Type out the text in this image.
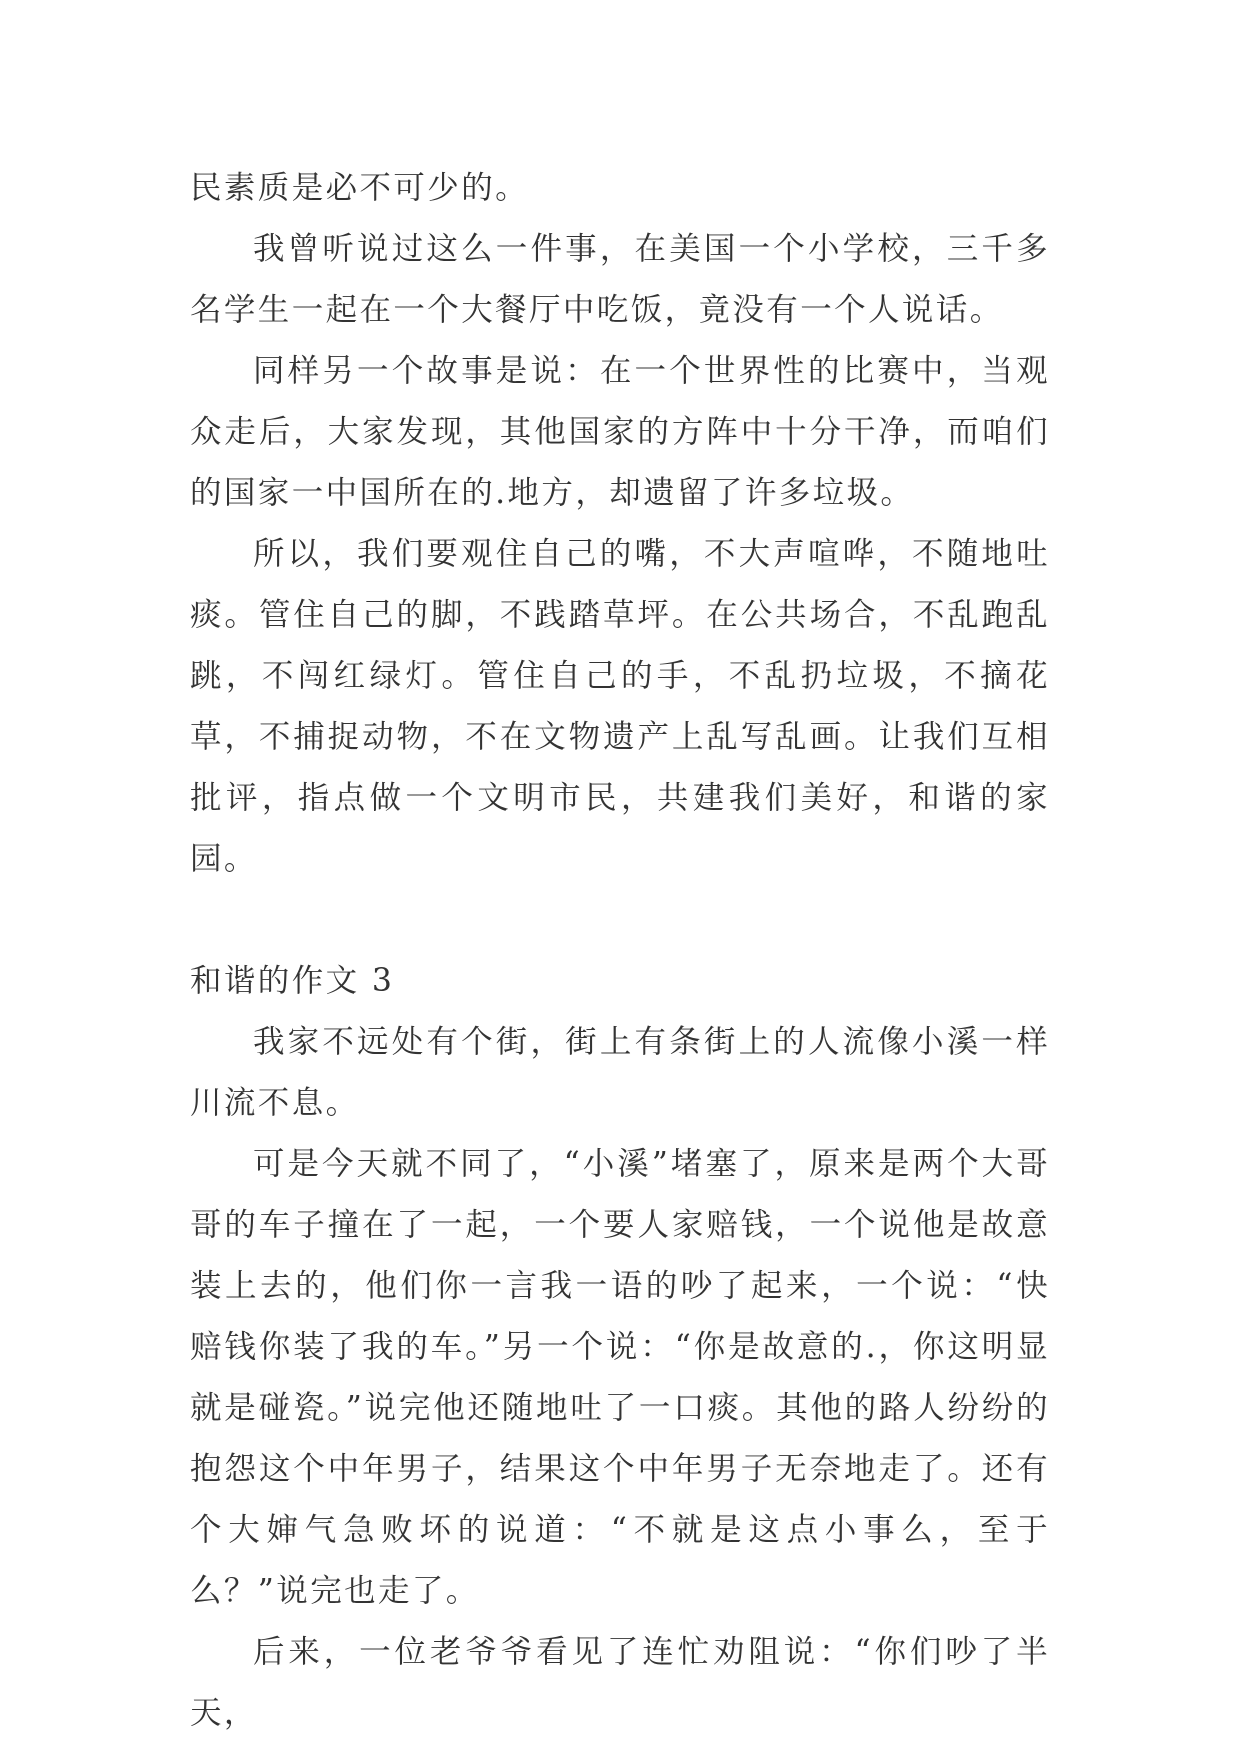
民素质是必不可少的。

我曾听说过这么一件事，在美国一个小学校，三千多名学生一起在一个大餐厅中吃饭，竟没有一个人说话。

同样另一个故事是说：在一个世界性的比赛中，当观众走后，大家发现，其他国家的方阵中十分干净，而咱们的国家一中国所在的.地方，却遗留了许多垃圾。

所以，我们要观住自己的嘴，不大声喧哗，不随地吐痰。管住自己的脚，不践踏草坪。在公共场合，不乱跑乱跳，不闯红绿灯。管住自己的手，不乱扔垃圾，不摘花草，不捕捉动物，不在文物遗产上乱写乱画。让我们互相批评，指点做一个文明市民，共建我们美好，和谐的家园。

和谐的作文 3

我家不远处有个街，街上有条街上的人流像小溪一样川流不息。

可是今天就不同了，“小溪”堵塞了，原来是两个大哥哥的车子撞在了一起，一个要人家赔钱，一个说他是故意装上去的，他们你一言我一语的吵了起来，一个说：“快赔钱你装了我的车。”另一个说：“你是故意的.，你这明显就是碰瓷。”说完他还随地吐了一口痰。其他的路人纷纷的抱怨这个中年男子，结果这个中年男子无奈地走了。还有个大婶气急败坏的说道：“不就是这点小事么，至于么？”说完也走了。

后来，一位老爷爷看见了连忙劝阻说：“你们吵了半天，
